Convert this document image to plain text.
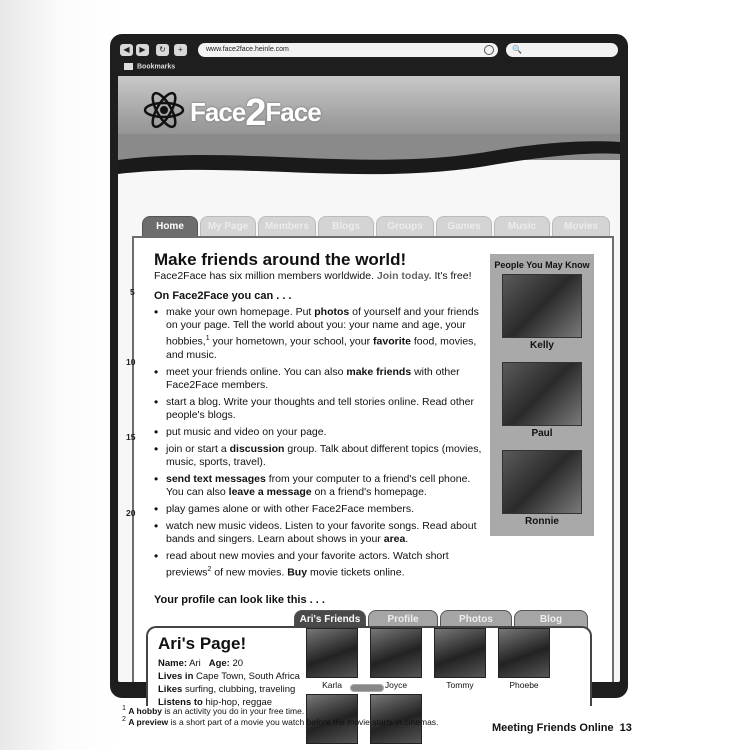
◀	▶	↻	+	www.face2face.heinle.com	🔍
Bookmarks
Face2Face
Home	My Page	Members	Blogs	Groups	Games	Music	Movies
Make friends around the world!
Face2Face has six million members worldwide. Join today. It's free!
On Face2Face you can . . .
• make your own homepage. Put photos of yourself and your friends on your page. Tell the world about you: your name and age, your hobbies,$^1$ your hometown, your school, your favorite food, movies, and music.
• meet your friends online. You can also make friends with other Face2Face members.
• start a blog. Write your thoughts and tell stories online. Read other people's blogs.
• put music and video on your page.
• join or start a discussion group. Talk about different topics (movies, music, sports, travel).
• send text messages from your computer to a friend's cell phone. You can also leave a message on a friend's homepage.
• play games alone or with other Face2Face members.
• watch new music videos. Listen to your favorite songs. Read about bands and singers. Learn about shows in your area.
• read about new movies and your favorite actors. Watch short previews$^2$ of new movies. Buy movie tickets online.
People You May Know
Kelly
Paul
Ronnie
Your profile can look like this . . .
Ari's Friends	Profile	Photos	Blog
Ari's Page!
Name: Ari Age: 20
Lives in Cape Town, South Africa
Likes surfing, clubbing, traveling
Listens to hip-hop, reggae
Karla	Joyce	Tommy	Phoebe
5
10
15
20
$^1$ A hobby is an activity you do in your free time.
$^2$ A preview is a short part of a movie you watch before the movie starts in cinemas.
Meeting Friends Online 13
